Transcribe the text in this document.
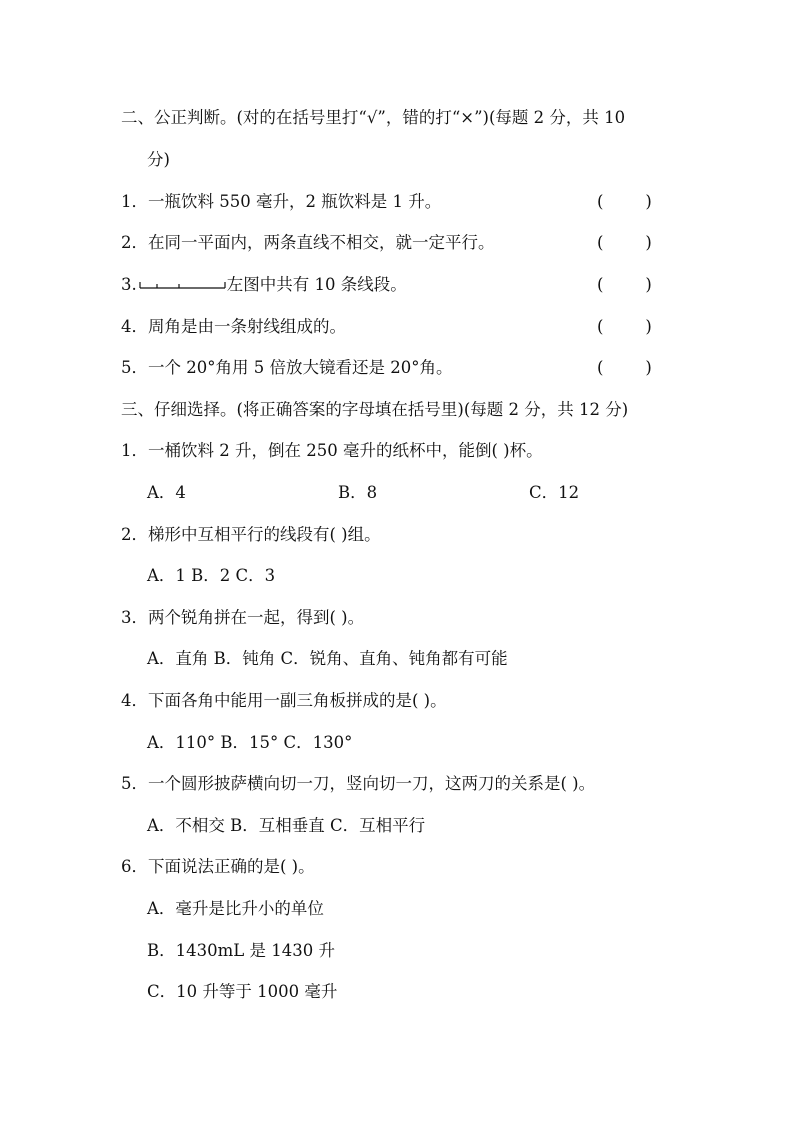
二、公正判断。(对的在括号里打“√”，错的打“×”)(每题 2 分，共 10
分)
1．一瓶饮料 550 毫升，2 瓶饮料是 1 升。	(        )
2．在同一平面内，两条直线不相交，就一定平行。	(        )
3.	左图中共有 10 条线段。	(        )
4．周角是由一条射线组成的。	(        )
5．一个 20°角用 5 倍放大镜看还是 20°角。	(        )
三、仔细选择。(将正确答案的字母填在括号里)(每题 2 分，共 12 分)
1．一桶饮料 2 升，倒在 250 毫升的纸杯中，能倒( )杯。
A．4	B．8	C．12
2．梯形中互相平行的线段有( )组。
A．1 B．2 C．3
3．两个锐角拼在一起，得到( )。
A．直角 B．钝角 C．锐角、直角、钝角都有可能
4．下面各角中能用一副三角板拼成的是( )。
A．110° B．15° C．130°
5．一个圆形披萨横向切一刀，竖向切一刀，这两刀的关系是( )。
A．不相交 B．互相垂直 C．互相平行
6．下面说法正确的是( )。
A．毫升是比升小的单位
B．1430mL 是 1430 升
C．10 升等于 1000 毫升
